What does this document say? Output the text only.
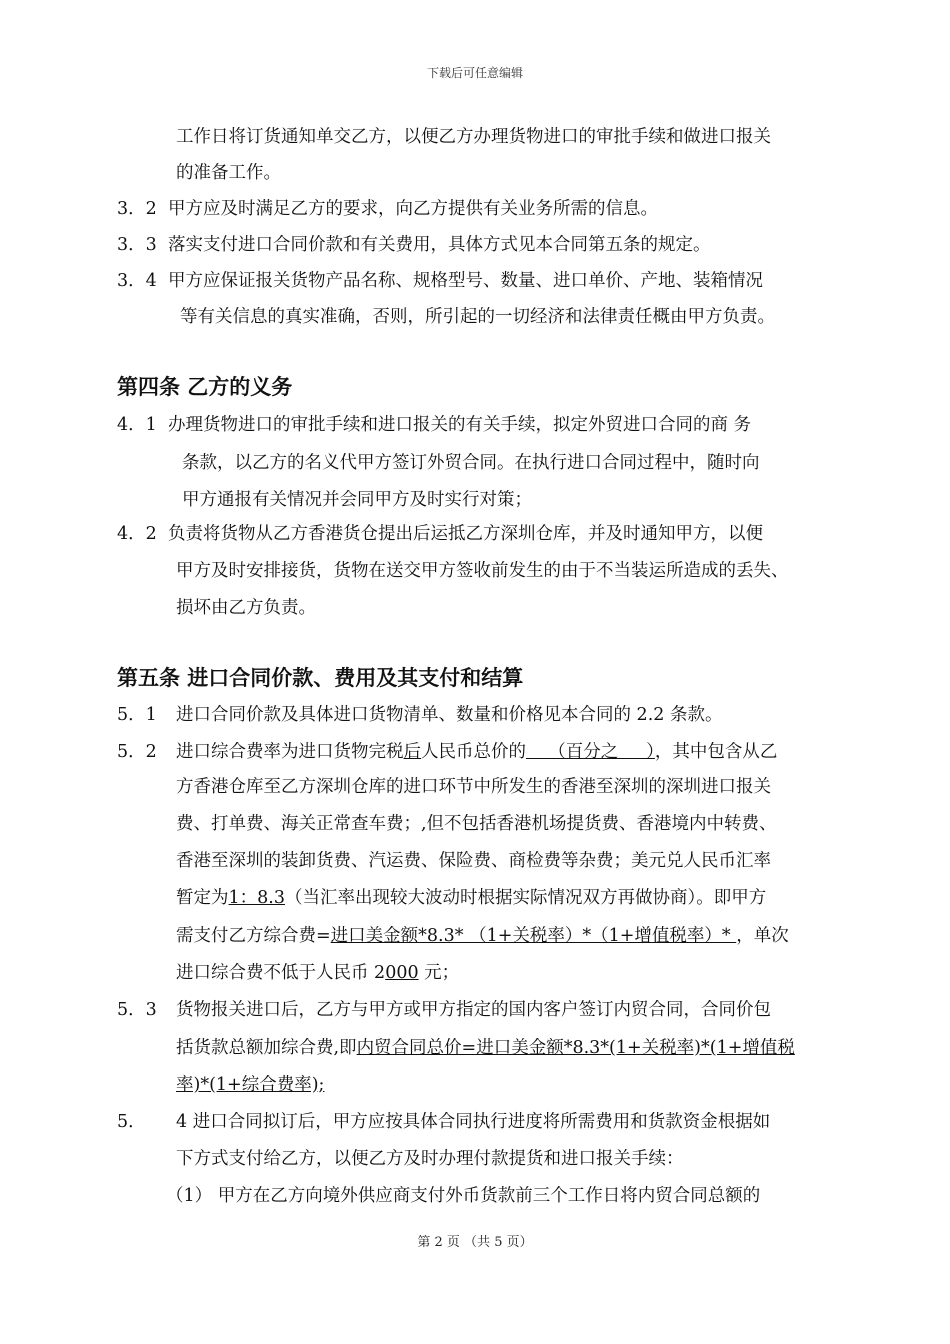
下载后可任意编辑
工作日将订货通知单交乙方，以便乙方办理货物进口的审批手续和做进口报关
的准备工作。
3．2 甲方应及时满足乙方的要求，向乙方提供有关业务所需的信息。
3．3 落实支付进口合同价款和有关费用，具体方式见本合同第五条的规定。
3．4 甲方应保证报关货物产品名称、规格型号、数量、进口单价、产地、装箱情况
等有关信息的真实准确，否则，所引起的一切经济和法律责任概由甲方负责。
第四条 乙方的义务
4．1 办理货物进口的审批手续和进口报关的有关手续，拟定外贸进口合同的商 务
条款，以乙方的名义代甲方签订外贸合同。在执行进口合同过程中，随时向
甲方通报有关情况并会同甲方及时实行对策；
4．2 负责将货物从乙方香港货仓提出后运抵乙方深圳仓库，并及时通知甲方，以便
甲方及时安排接货，货物在送交甲方签收前发生的由于不当装运所造成的丢失、
损坏由乙方负责。
第五条 进口合同价款、费用及其支付和结算
5．1 进口合同价款及具体进口货物清单、数量和价格见本合同的 2.2 条款。
5．2 进口综合费率为进口货物完税后人民币总价的    （百分之     ），其中包含从乙
方香港仓库至乙方深圳仓库的进口环节中所发生的香港至深圳的深圳进口报关
费、打单费、海关正常查车费；,但不包括香港机场提货费、香港境内中转费、
香港至深圳的装卸货费、汽运费、保险费、商检费等杂费；美元兑人民币汇率
暂定为1：8.3（当汇率出现较大波动时根据实际情况双方再做协商）。即甲方
需支付乙方综合费=进口美金额*8.3* （1+关税率）*（1+增值税率）* ，单次
进口综合费不低于人民币 2000 元；
5．3 货物报关进口后，乙方与甲方或甲方指定的国内客户签订内贸合同，合同价包
括货款总额加综合费,即内贸合同总价=进口美金额*8.3*(1+关税率)*(1+增值税
率)*(1+综合费率);
5． 4 进口合同拟订后，甲方应按具体合同执行进度将所需费用和货款资金根据如
下方式支付给乙方，以便乙方及时办理付款提货和进口报关手续：
（1） 甲方在乙方向境外供应商支付外币货款前三个工作日将内贸合同总额的
第 2 页 （共 5 页）
